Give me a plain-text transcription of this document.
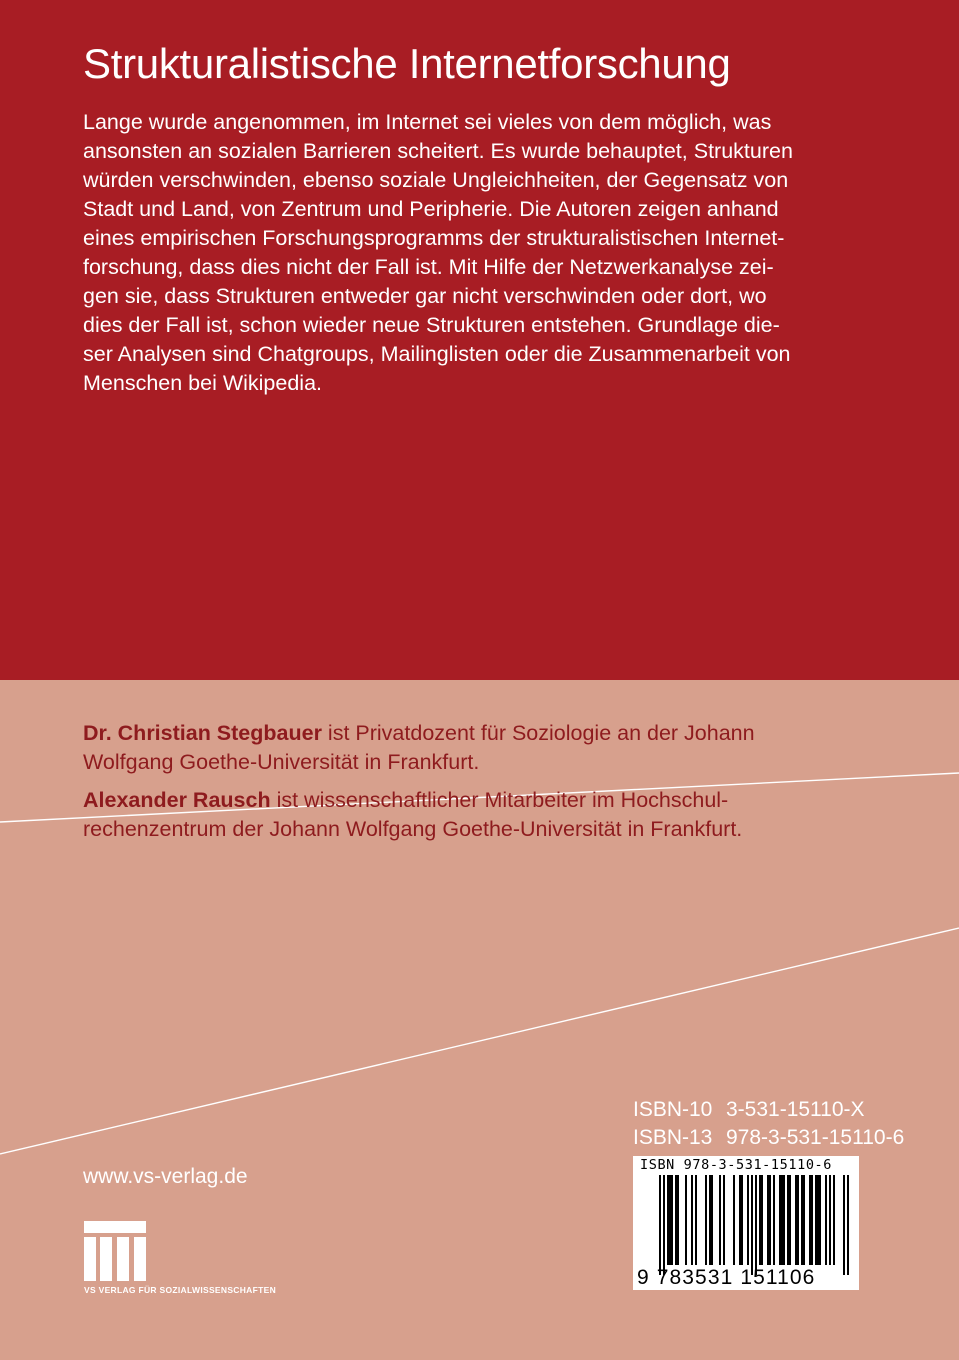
Strukturalistische Internetforschung
Lange wurde angenommen, im Internet sei vieles von dem möglich, was
ansonsten an sozialen Barrieren scheitert. Es wurde behauptet, Strukturen
würden verschwinden, ebenso soziale Ungleichheiten, der Gegensatz von
Stadt und Land, von Zentrum und Peripherie. Die Autoren zeigen anhand
eines empirischen Forschungsprogramms der strukturalistischen Internet-
forschung, dass dies nicht der Fall ist. Mit Hilfe der Netzwerkanalyse zei-
gen sie, dass Strukturen entweder gar nicht verschwinden oder dort, wo
dies der Fall ist, schon wieder neue Strukturen entstehen. Grundlage die-
ser Analysen sind Chatgroups, Mailinglisten oder die Zusammenarbeit von
Menschen bei Wikipedia.

Dr. Christian Stegbauer ist Privatdozent für Soziologie an der Johann
Wolfgang Goethe-Universität in Frankfurt.

Alexander Rausch ist wissenschaftlicher Mitarbeiter im Hochschul-
rechenzentrum der Johann Wolfgang Goethe-Universität in Frankfurt.

ISBN-10 3-531-15110-X
ISBN-13 978-3-531-15110-6
ISBN 978-3-531-15110-6
9 783531 151106
www.vs-verlag.de
VS VERLAG FÜR SOZIALWISSENSCHAFTEN
